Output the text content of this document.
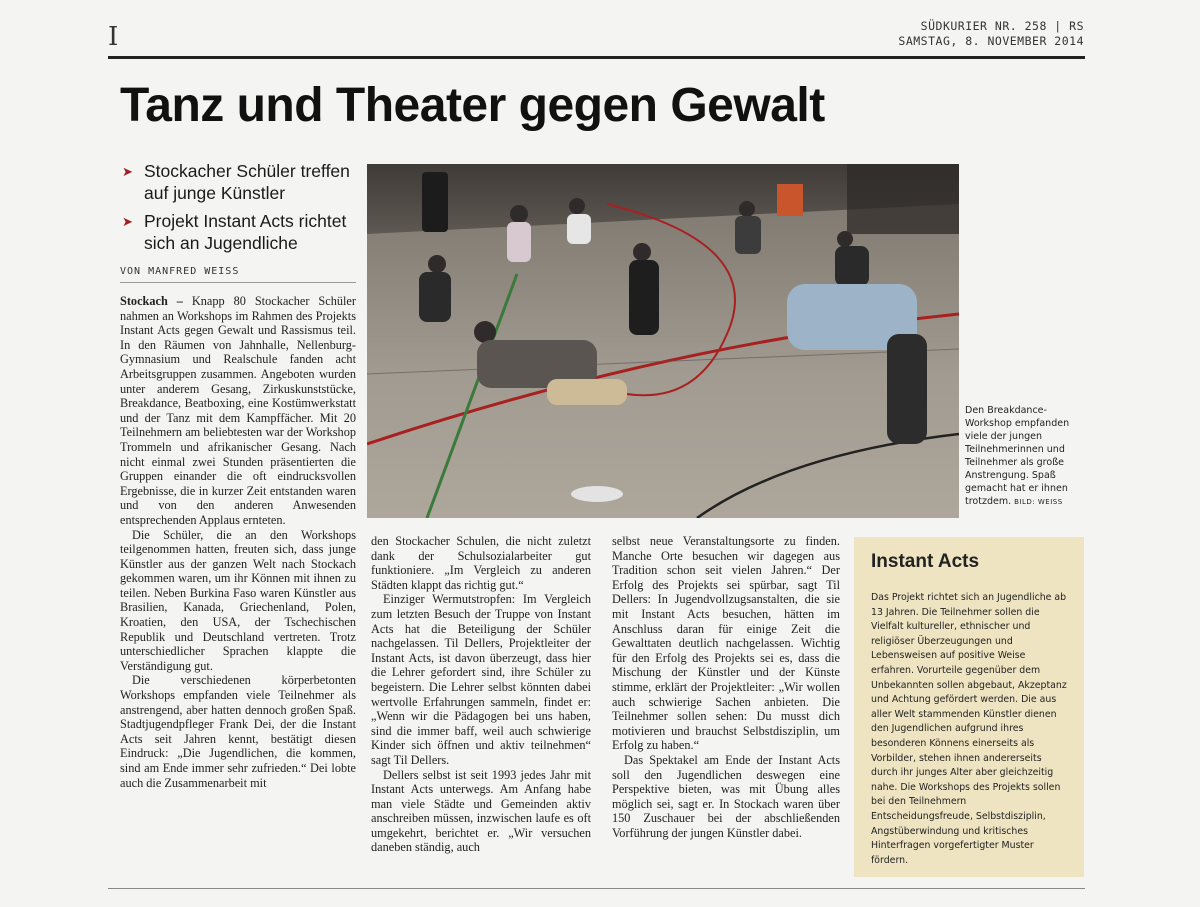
I	SÜDKURIER NR. 258 | RS
SAMSTAG, 8. NOVEMBER 2014
Tanz und Theater gegen Gewalt
➤ Stockacher Schüler treffen auf junge Künstler
➤ Projekt Instant Acts richtet sich an Jugendliche
VON MANFRED WEISS

Stockach – Knapp 80 Stockacher Schüler nahmen an Workshops im Rahmen des Projekts Instant Acts gegen Gewalt und Rassismus teil. In den Räumen von Jahnhalle, Nellenburg-Gymnasium und Realschule fanden acht Arbeitsgruppen zusammen. Angeboten wurden unter anderem Gesang, Zirkuskunststücke, Breakdance, Beatboxing, eine Kostümwerkstatt und der Tanz mit dem Kampffächer. Mit 20 Teilnehmern am beliebtesten war der Workshop Trommeln und afrikanischer Gesang. Nach nicht einmal zwei Stunden präsentierten die Gruppen einander die oft eindrucksvollen Ergebnisse, die in kurzer Zeit entstanden waren und von den anderen Anwesenden entsprechenden Applaus ernteten.

Die Schüler, die an den Workshops teilgenommen hatten, freuten sich, dass junge Künstler aus der ganzen Welt nach Stockach gekommen waren, um ihr Können mit ihnen zu teilen. Neben Burkina Faso waren Künstler aus Brasilien, Kanada, Griechenland, Polen, Kroatien, den USA, der Tschechischen Republik und Deutschland vertreten. Trotz unterschiedlicher Sprachen klappte die Verständigung gut.

Die verschiedenen körperbetonten Workshops empfanden viele Teilnehmer als anstrengend, aber hatten dennoch großen Spaß. Stadtjugendpfleger Frank Dei, der die Instant Acts seit Jahren kennt, bestätigt diesen Eindruck: „Die Jugendlichen, die kommen, sind am Ende immer sehr zufrieden.“ Dei lobte auch die Zusammenarbeit mit

Den Breakdance-Workshop empfanden viele der jungen Teilnehmerinnen und Teilnehmer als große Anstrengung. Spaß gemacht hat er ihnen trotzdem. BILD: WEISS

den Stockacher Schulen, die nicht zuletzt dank der Schulsozialarbeiter gut funktioniere. „Im Vergleich zu anderen Städten klappt das richtig gut.“

Einziger Wermutstropfen: Im Vergleich zum letzten Besuch der Truppe von Instant Acts hat die Beteiligung der Schüler nachgelassen. Til Dellers, Projektleiter der Instant Acts, ist davon überzeugt, dass hier die Lehrer gefordert sind, ihre Schüler zu begeistern. Die Lehrer selbst könnten dabei wertvolle Erfahrungen sammeln, findet er: „Wenn wir die Pädagogen bei uns haben, sind die immer baff, weil auch schwierige Kinder sich öffnen und aktiv teilnehmen“ sagt Til Dellers.

Dellers selbst ist seit 1993 jedes Jahr mit Instant Acts unterwegs. Am Anfang habe man viele Städte und Gemeinden aktiv anschreiben müssen, inzwischen laufe es oft umgekehrt, berichtet er. „Wir versuchen daneben ständig, auch

selbst neue Veranstaltungsorte zu finden. Manche Orte besuchen wir dagegen aus Tradition schon seit vielen Jahren.“ Der Erfolg des Projekts sei spürbar, sagt Til Dellers: In Jugendvollzugsanstalten, die sie mit Instant Acts besuchen, hätten im Anschluss daran für einige Zeit die Gewalttaten deutlich nachgelassen. Wichtig für den Erfolg des Projekts sei es, dass die Mischung der Künstler und der Künste stimme, erklärt der Projektleiter: „Wir wollen auch schwierige Sachen anbieten. Die Teilnehmer sollen sehen: Du musst dich motivieren und brauchst Selbstdisziplin, um Erfolg zu haben.“

Das Spektakel am Ende der Instant Acts soll den Jugendlichen deswegen eine Perspektive bieten, was mit Übung alles möglich sei, sagt er. In Stockach waren über 150 Zuschauer bei der abschließenden Vorführung der jungen Künstler dabei.

Instant Acts
Das Projekt richtet sich an Jugendliche ab 13 Jahren. Die Teilnehmer sollen die Vielfalt kultureller, ethnischer und religiöser Überzeugungen und Lebensweisen auf positive Weise erfahren. Vorurteile gegenüber dem Unbekannten sollen abgebaut, Akzeptanz und Achtung gefördert werden. Die aus aller Welt stammenden Künstler dienen den Jugendlichen aufgrund ihres besonderen Könnens einerseits als Vorbilder, stehen ihnen andererseits durch ihr junges Alter aber gleichzeitig nahe. Die Workshops des Projekts sollen bei den Teilnehmern Entscheidungsfreude, Selbstdisziplin, Angstüberwindung und kritisches Hinterfragen vorgefertigter Muster fördern.
